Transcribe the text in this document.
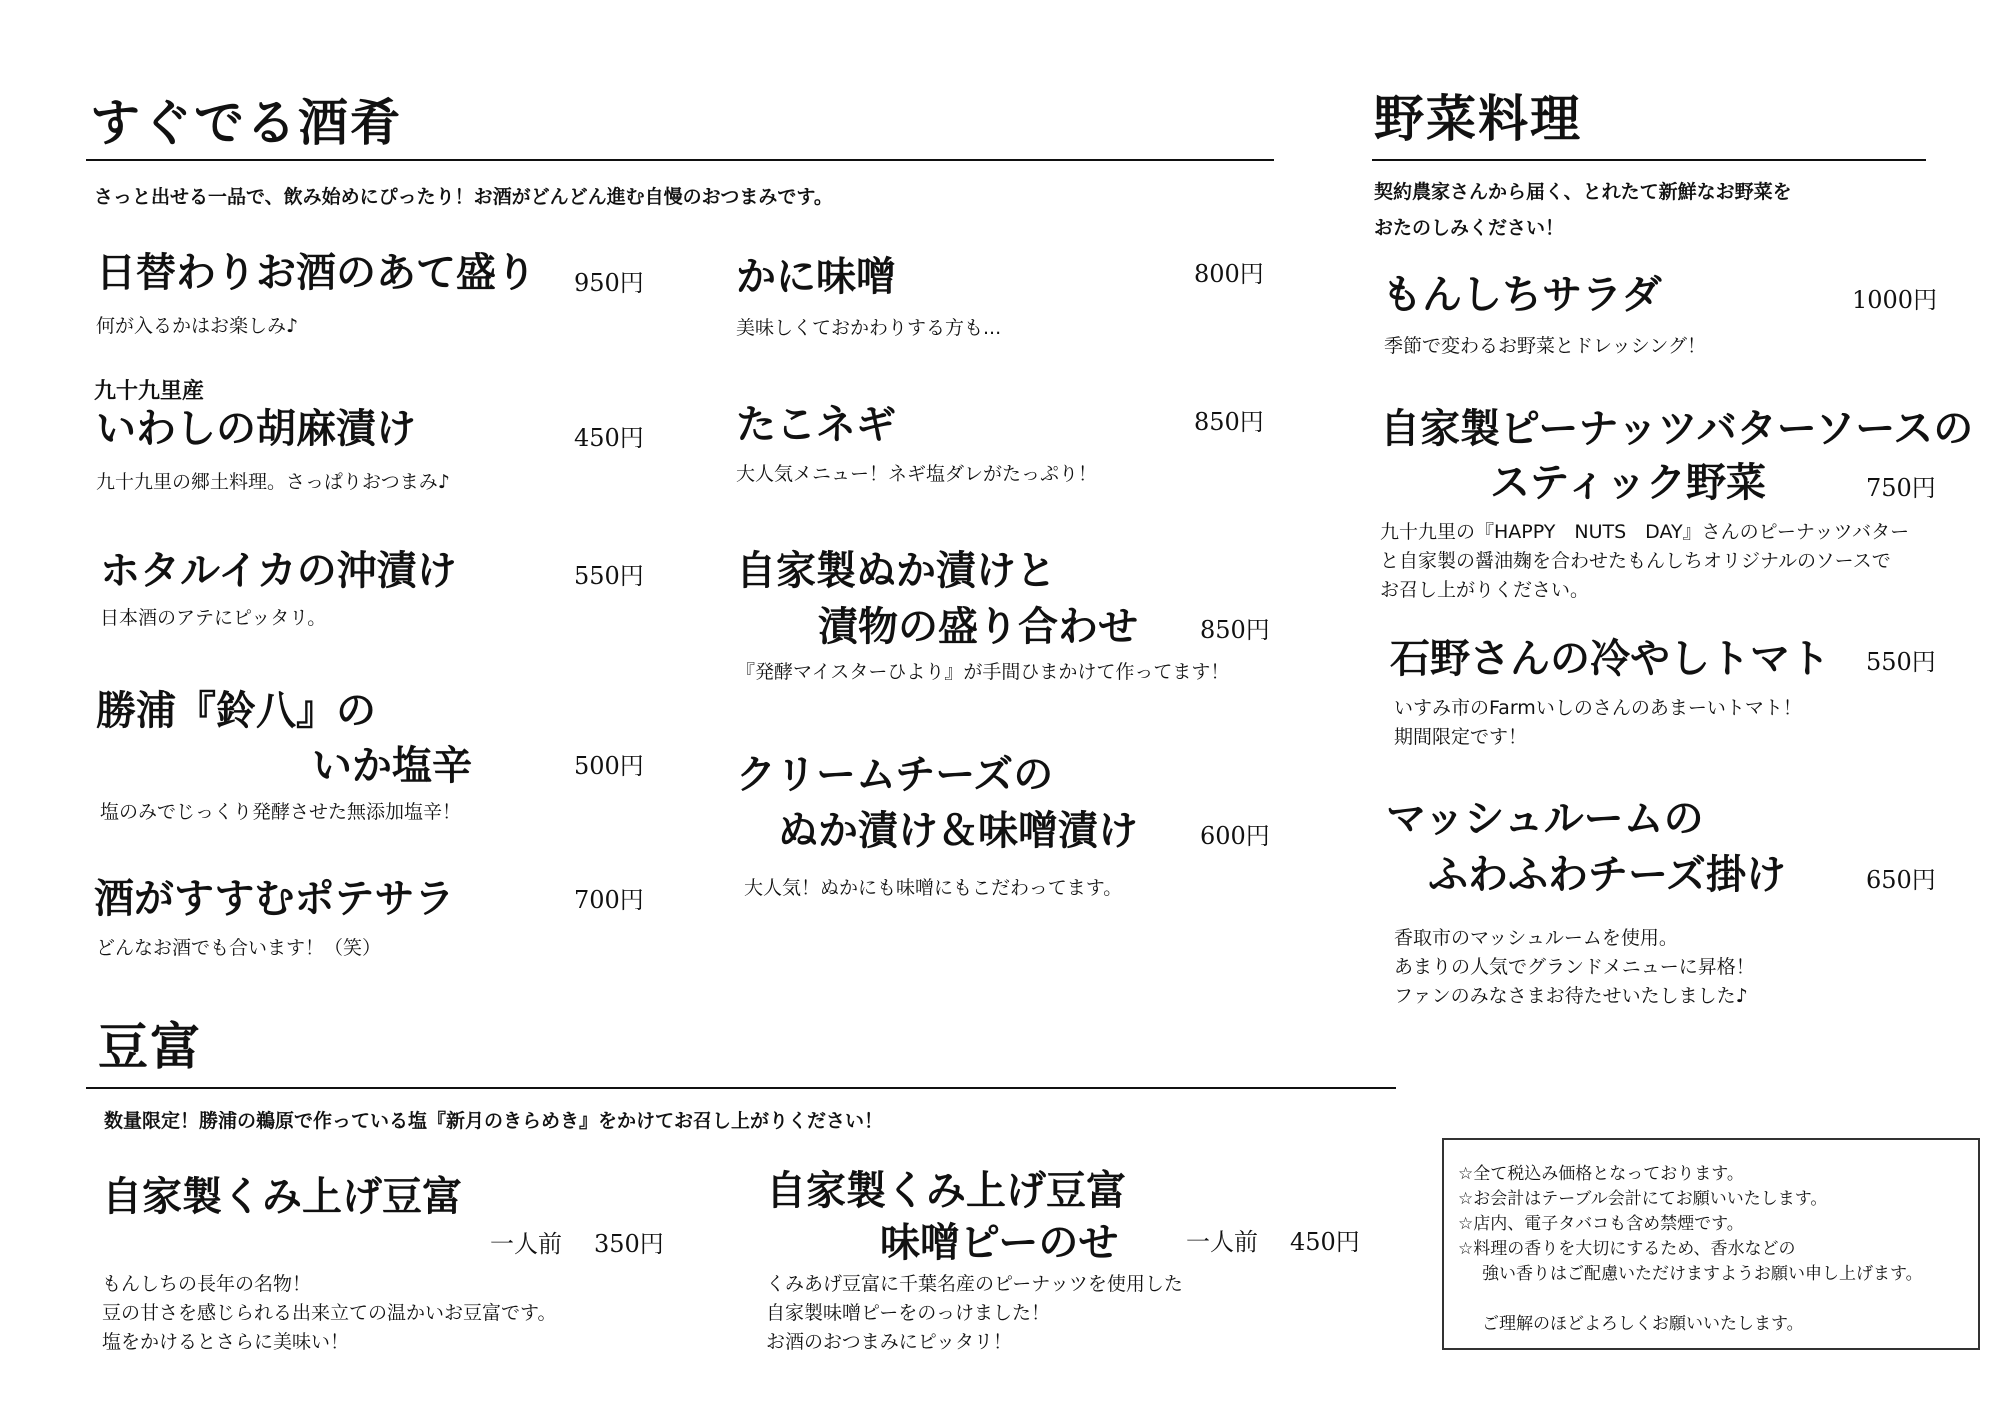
すぐでる酒肴
さっと出せる一品で、飲み始めにぴったり！お酒がどんどん進む自慢のおつまみです。
日替わりお酒のあて盛り 950円
何が入るかはお楽しみ♪
九十九里産
いわしの胡麻漬け	450円
九十九里の郷土料理。さっぱりおつまみ♪
ホタルイカの沖漬け	550円
日本酒のアテにピッタリ。
勝浦『鈴八』の
いか塩辛	500円
塩のみでじっくり発酵させた無添加塩辛！
酒がすすむポテサラ	700円
どんなお酒でも合います！（笑）
かに味噌	800円
美味しくておかわりする方も...
たこネギ	850円
大人気メニュー！ネギ塩ダレがたっぷり！
自家製ぬか漬けと
漬物の盛り合わせ	850円
『発酵マイスターひより』が手間ひまかけて作ってます！
クリームチーズの
ぬか漬け＆味噌漬け	600円
大人気！ぬかにも味噌にもこだわってます。
野菜料理
契約農家さんから届く、とれたて新鮮なお野菜を
おたのしみください！
もんしちサラダ	1000円
季節で変わるお野菜とドレッシング！
自家製ピーナッツバターソースの
スティック野菜	750円
九十九里の『HAPPY　NUTS　DAY』さんのピーナッツバター
と自家製の醤油麹を合わせたもんしちオリジナルのソースで
お召し上がりください。
石野さんの冷やしトマト 550円
いすみ市のFarmいしのさんのあまーいトマト！
期間限定です！
マッシュルームの
ふわふわチーズ掛け	650円
香取市のマッシュルームを使用。
あまりの人気でグランドメニューに昇格！
ファンのみなさまお待たせいたしました♪
豆富
数量限定！勝浦の鵜原で作っている塩『新月のきらめき』をかけてお召し上がりください！
自家製くみ上げ豆富
一人前 350円
もんしちの長年の名物！
豆の甘さを感じられる出来立ての温かいお豆富です。
塩をかけるとさらに美味い！
自家製くみ上げ豆富
味噌ピーのせ	一人前 450円
くみあげ豆富に千葉名産のピーナッツを使用した
自家製味噌ピーをのっけました！
お酒のおつまみにピッタリ！
☆全て税込み価格となっております。
☆お会計はテーブル会計にてお願いいたします。
☆店内、電子タバコも含め禁煙です。
☆料理の香りを大切にするため、香水などの
強い香りはご配慮いただけますようお願い申し上げます。
ご理解のほどよろしくお願いいたします。
